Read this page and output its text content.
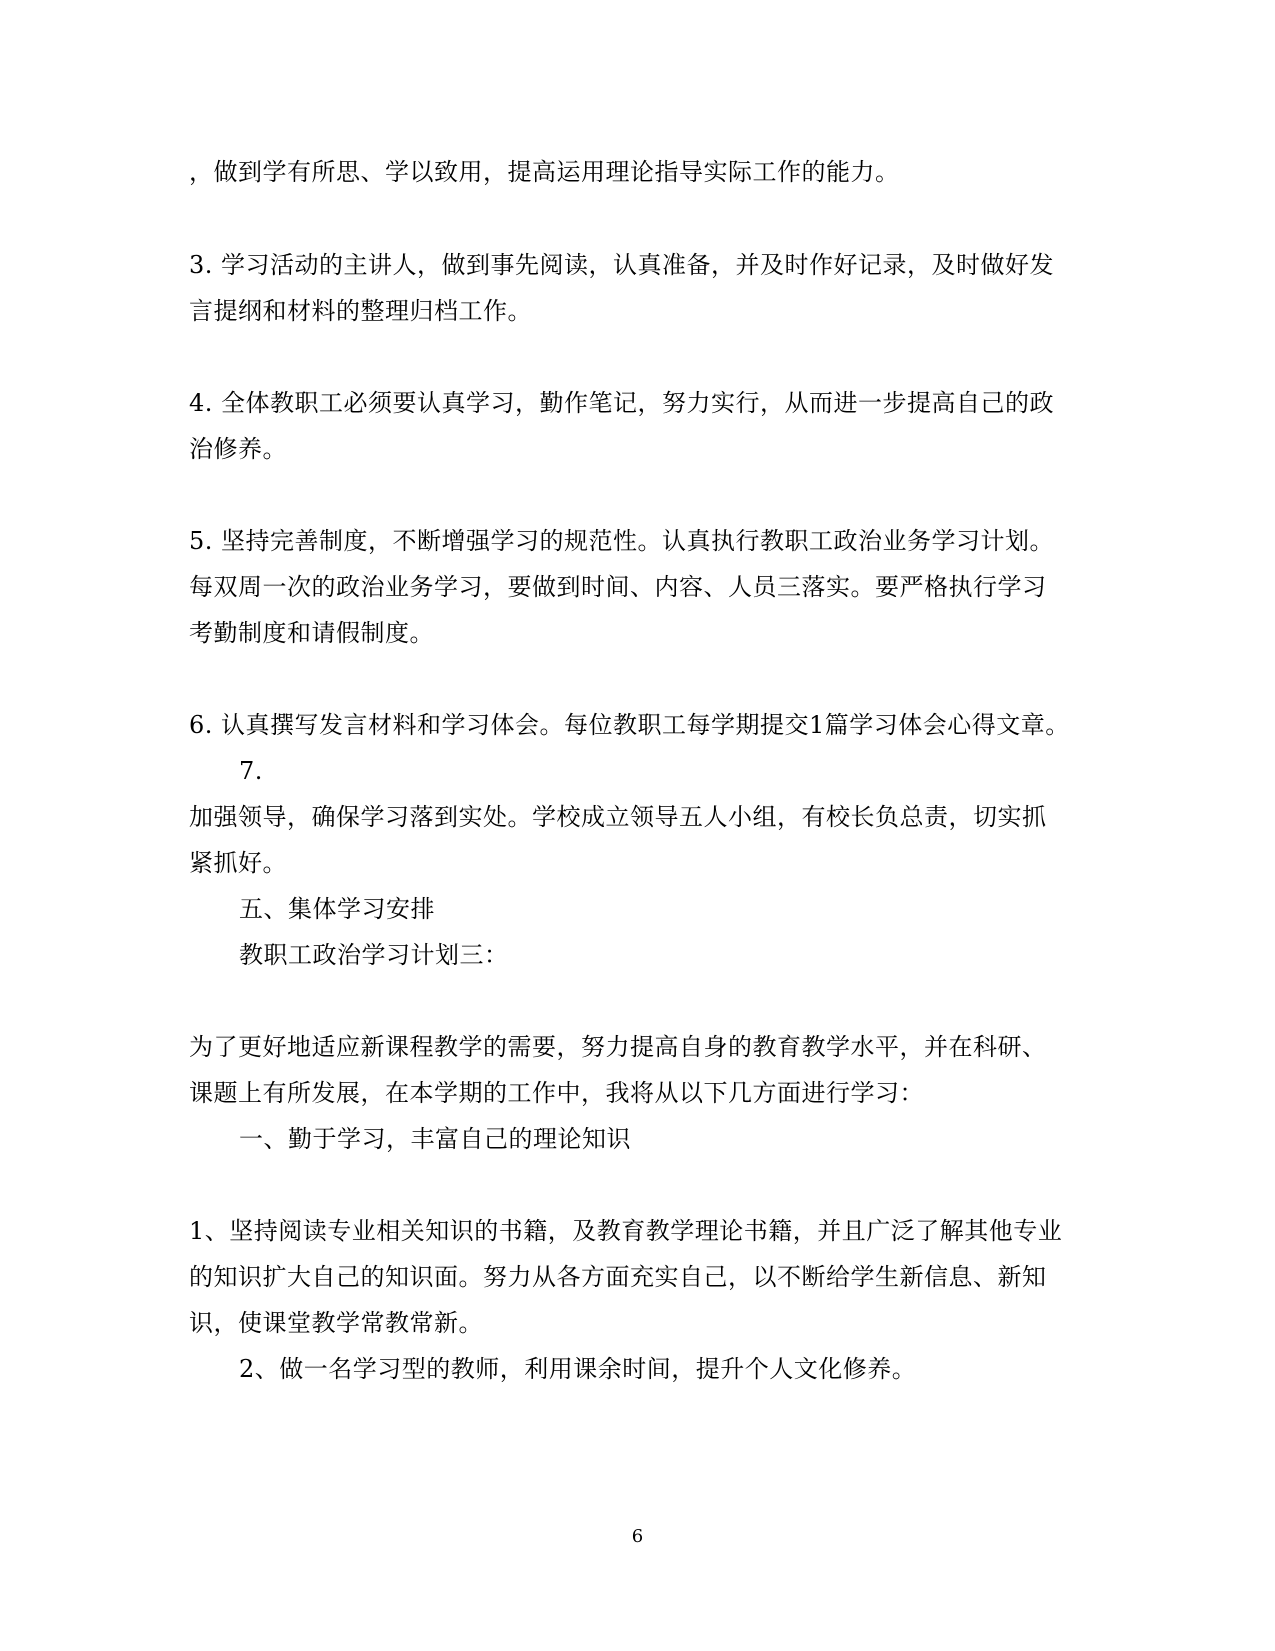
，做到学有所思、学以致用，提高运用理论指导实际工作的能力。
3. 学习活动的主讲人，做到事先阅读，认真准备，并及时作好记录，及时做好发
言提纲和材料的整理归档工作。
4. 全体教职工必须要认真学习，勤作笔记，努力实行，从而进一步提高自己的政
治修养。
5. 坚持完善制度，不断增强学习的规范性。认真执行教职工政治业务学习计划。
每双周一次的政治业务学习，要做到时间、内容、人员三落实。要严格执行学习
考勤制度和请假制度。
6. 认真撰写发言材料和学习体会。每位教职工每学期提交1篇学习体会心得文章。
7.
加强领导，确保学习落到实处。学校成立领导五人小组，有校长负总责，切实抓
紧抓好。
五、集体学习安排
教职工政治学习计划三：
为了更好地适应新课程教学的需要，努力提高自身的教育教学水平，并在科研、
课题上有所发展，在本学期的工作中，我将从以下几方面进行学习：
一、勤于学习，丰富自己的理论知识
1、坚持阅读专业相关知识的书籍，及教育教学理论书籍，并且广泛了解其他专业
的知识扩大自己的知识面。努力从各方面充实自己，以不断给学生新信息、新知
识，使课堂教学常教常新。
2、做一名学习型的教师，利用课余时间，提升个人文化修养。
6
